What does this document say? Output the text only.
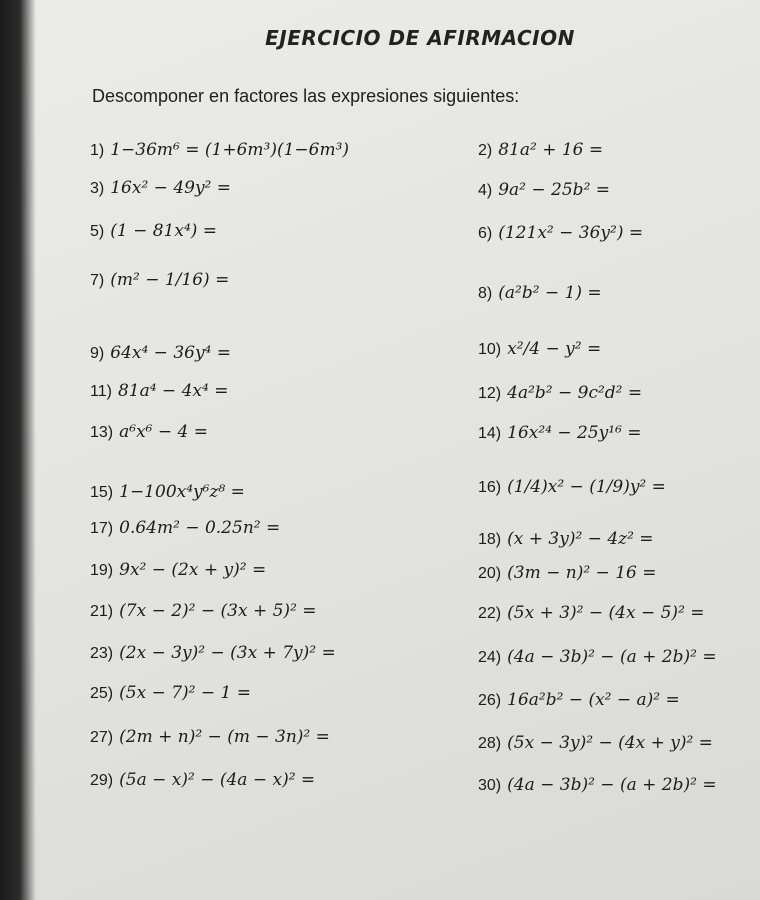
EJERCICIO DE AFIRMACION
Descomponer en factores las expresiones siguientes:
1) 1−36m⁶ = (1+6m³)(1−6m³)
3) 16x² − 49y² =
5) (1 − 81x⁴) =
7) (m² − 1/16) =
9) 64x⁴ − 36y⁴ =
11) 81a⁴ − 4x⁴ =
13) a⁶x⁶ − 4 =
15) 1−100x⁴y⁶z⁸ =
17) 0.64m² − 0.25n² =
19) 9x² − (2x + y)² =
21) (7x − 2)² − (3x + 5)² =
23) (2x − 3y)² − (3x + 7y)² =
25) (5x − 7)² − 1 =
27) (2m + n)² − (m − 3n)² =
29) (5a − x)² − (4a − x)² =
2) 81a² + 16 =
4) 9a² − 25b² =
6) (121x² − 36y²) =
8) (a²b² − 1) =
10) x²/4 − y² =
12) 4a²b² − 9c²d² =
14) 16x²⁴ − 25y¹⁶ =
16) (1/4)x² − (1/9)y² =
18) (x + 3y)² − 4z² =
20) (3m − n)² − 16 =
22) (5x + 3)² − (4x − 5)² =
24) (4a − 3b)² − (a + 2b)² =
26) 16a²b² − (x² − a)² =
28) (5x − 3y)² − (4x + y)² =
30) (4a − 3b)² − (a + 2b)² =
